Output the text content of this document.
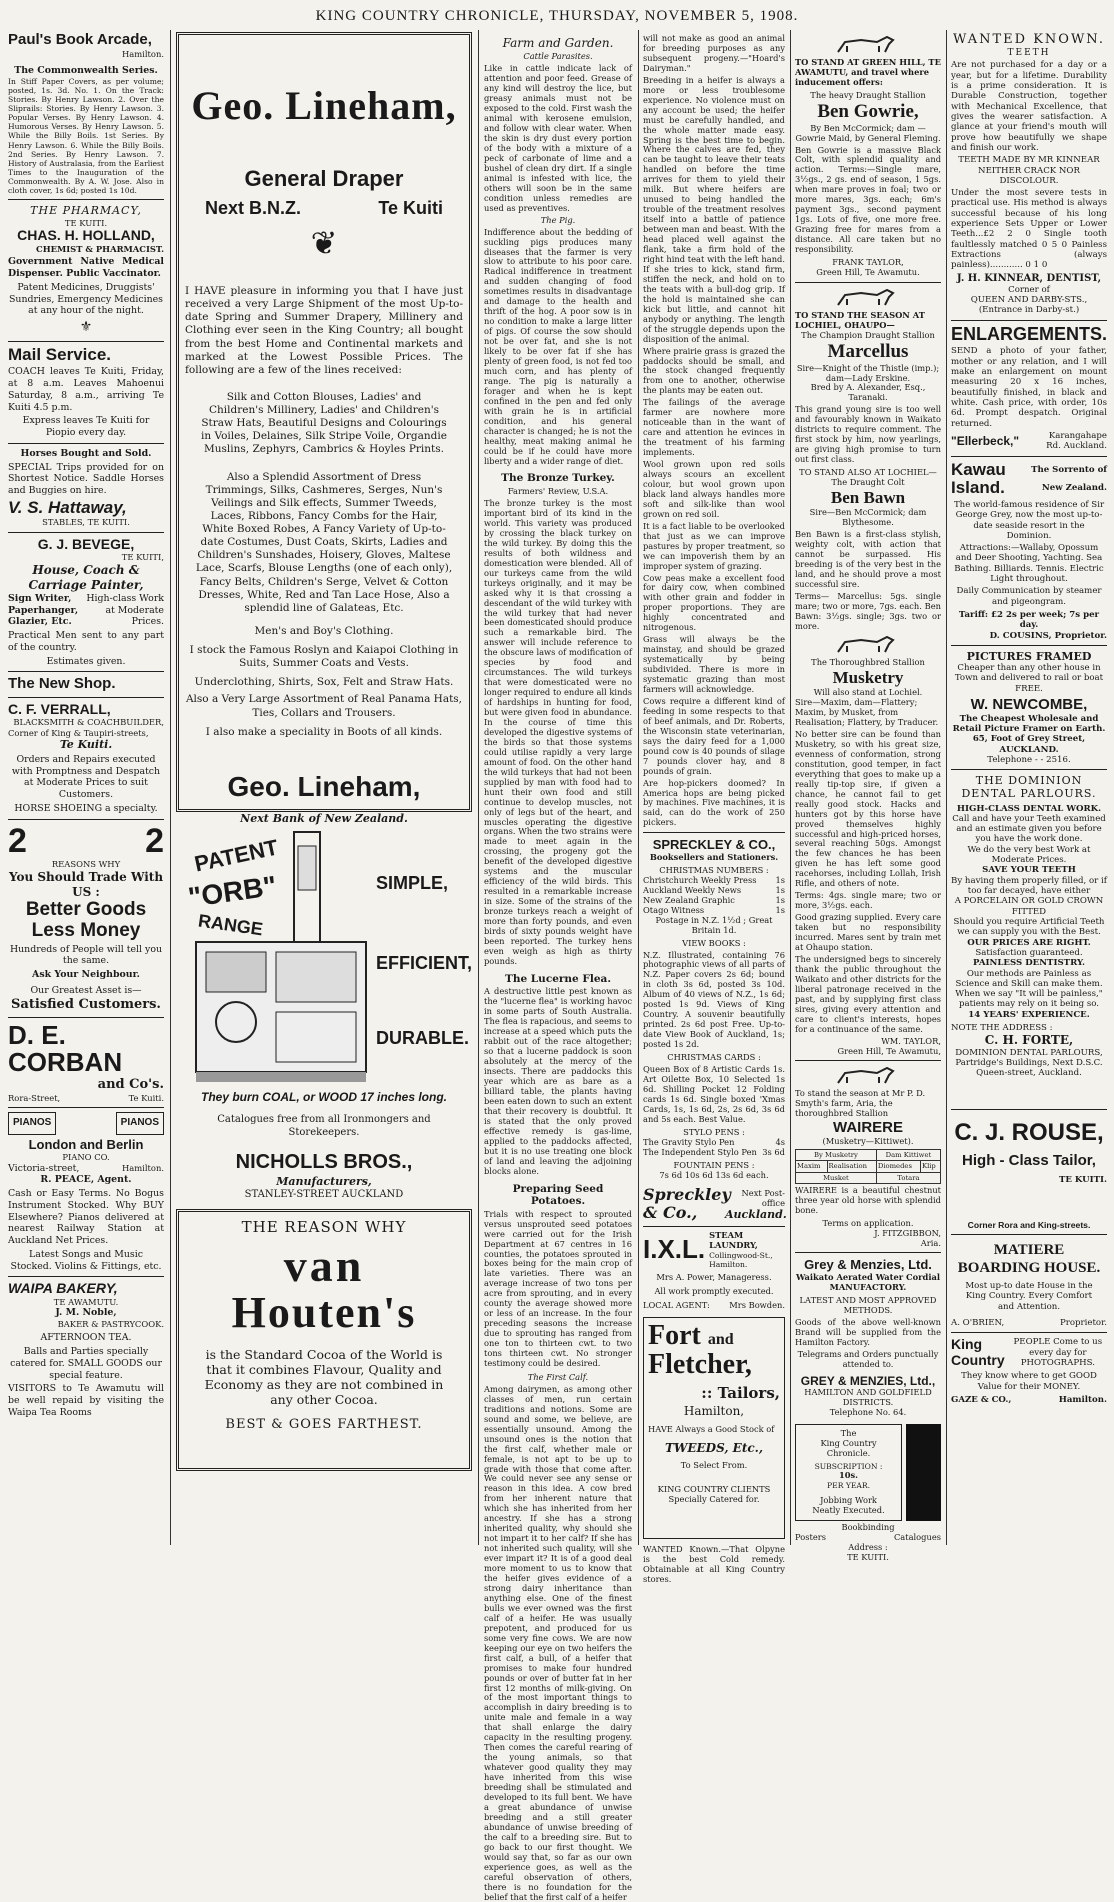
KING COUNTRY CHRONICLE, THURSDAY, NOVEMBER 5, 1908.
Paul's Book Arcade,
Hamilton.
The Commonwealth Series.
In Stiff Paper Covers, as per volume; posted, 1s. 3d. No. 1. On the Track: Stories. By Henry Lawson. 2. Over the Sliprails: Stories. By Henry Lawson. 3. Popular Verses. By Henry Lawson. 4. Humorous Verses. By Henry Lawson. 5. While the Billy Boils. 1st Series. By Henry Lawson. 6. While the Billy Boils. 2nd Series. By Henry Lawson. 7. History of Australasia, from the Earliest Times to the Inauguration of the Commonwealth. By A. W. Jose. Also in cloth cover, 1s 6d; posted 1s 10d.
THE PHARMACY,
TE KUITI.
CHAS. H. HOLLAND,
CHEMIST & PHARMACIST.

Government Native Medical Dispenser. Public Vaccinator.

Patent Medicines, Druggists' Sundries, Emergency Medicines at any hour of the night.

⚜
Mail Service.

COACH leaves Te Kuiti, Friday, at 8 a.m. Leaves Mahoenui Saturday, 8 a.m., arriving Te Kuiti 4.5 p.m.

Express leaves Te Kuiti for Piopio every day.

Horses Bought and Sold.

SPECIAL Trips provided for on Shortest Notice. Saddle Horses and Buggies on hire.

V. S. Hattaway,
STABLES, TE KUITI.
G. J. BEVEGE,
TE KUITI,
House, Coach & Carriage Painter,
Sign Writer, Paperhanger, Glazier, Etc.
High-class Work at Moderate Prices.

Practical Men sent to any part of the country.

Estimates given.
The New Shop.
C. F. VERRALL,
BLACKSMITH & COACHBUILDER,
Corner of King & Taupiri-streets,
Te Kuiti.

Orders and Repairs executed with Promptness and Despatch at Moderate Prices to suit Customers.

HORSE SHOEING a specialty.
2	2
REASONS WHY
You Should Trade With US :
Better Goods
Less Money

Hundreds of People will tell you the same.

Ask Your Neighbour.
Our Greatest Asset is—
Satisfied Customers.
D. E. CORBAN
and Co's.
Rora-Street,	Te Kuiti.
PIANOS	PIANOS
London and Berlin
PIANO CO.
Victoria-street,	Hamilton.
R. PEACE, Agent.

Cash or Easy Terms. No Bogus Instrument Stocked. Why BUY Elsewhere? Pianos delivered at nearest Railway Station at Auckland Net Prices.

Latest Songs and Music Stocked. Violins & Fittings, etc.

WAIPA BAKERY,
TE AWAMUTU.
J. M. Noble,
BAKER & PASTRYCOOK.
AFTERNOON TEA.

Balls and Parties specially catered for. SMALL GOODS our special feature.

VISITORS to Te Awamutu will be well repaid by visiting the Waipa Tea Rooms

Geo. Lineham,
General Draper
Next B.N.Z.	Te Kuiti
❦

I HAVE pleasure in informing you that I have just received a very Large Shipment of the most Up-to-date Spring and Summer Drapery, Millinery and Clothing ever seen in the King Country; all bought from the best Home and Continental markets and marked at the Lowest Possible Prices. The following are a few of the lines received:

Silk and Cotton Blouses, Ladies' and Children's Millinery, Ladies' and Children's Straw Hats, Beautiful Designs and Colourings in Voiles, Delaines, Silk Stripe Voile, Organdie Muslins, Zephyrs, Cambrics & Hoyles Prints.

Also a Splendid Assortment of Dress Trimmings, Silks, Cashmeres, Serges, Nun's Veilings and Silk effects, Summer Tweeds, Laces, Ribbons, Fancy Combs for the Hair, White Boxed Robes, A Fancy Variety of Up-to-date Costumes, Dust Coats, Skirts, Ladies and Children's Sunshades, Hoisery, Gloves, Maltese Lace, Scarfs, Blouse Lengths (one of each only), Fancy Belts, Children's Serge, Velvet & Cotton Dresses, White, Red and Tan Lace Hose, Also a splendid line of Galateas, Etc.

Men's and Boy's Clothing.
I stock the Famous Roslyn and Kaiapoi Clothing in Suits, Summer Coats and Vests.
Underclothing, Shirts, Sox, Felt and Straw Hats.
Also a Very Large Assortment of Real Panama Hats, Ties, Collars and Trousers.
I also make a speciality in Boots of all kinds.
Geo. Lineham,
Next Bank of New Zealand.
PATENT
"ORB"
RANGE
SIMPLE,
EFFICIENT,
DURABLE.
They burn COAL, or WOOD 17 inches long.
Catalogues free from all Ironmongers and Storekeepers.
NICHOLLS BROS.,
Manufacturers,
STANLEY-STREET AUCKLAND
THE REASON WHY
van
Houten's

is the Standard Cocoa of the World is that it combines Flavour, Quality and Economy as they are not combined in any other Cocoa.

BEST & GOES FARTHEST.
Farm and Garden.
Cattle Parasites.

Like in cattle indicate lack of attention and poor feed. Grease of any kind will destroy the lice, but greasy animals must not be exposed to the cold. First wash the animal with kerosene emulsion, and follow with clear water. When the skin is dry dust every portion of the body with a mixture of a peck of carbonate of lime and a bushel of clean dry dirt. If a single animal is infested with lice, the others will soon be in the same condition unless remedies are used as preventives.

The Pig.

Indifference about the bedding of suckling pigs produces many diseases that the farmer is very slow to attribute to his poor care. Radical indifference in treatment and sudden changing of food sometimes results in disadvantage and damage to the health and thrift of the hog. A poor sow is in no condition to make a large litter of pigs. Of course the sow should not be over fat, and she is not likely to be over fat if she has plenty of green food, is not fed too much corn, and has plenty of range. The pig is naturally a forager and when he is kept confined in the pen and fed only with grain he is in artificial condition, and his general character is changed; he is not the healthy, meat making animal he could be if he could have more liberty and a wider range of diet.

The Bronze Turkey.
Farmers' Review, U.S.A.

The bronze turkey is the most important bird of its kind in the world. This variety was produced by crossing the black turkey on the wild turkey. By doing this the results of both wildness and domestication were blended. All of our turkeys came from the wild turkeys originally, and it may be asked why it is that crossing a descendant of the wild turkey with the wild turkey that had never been domesticated should produce such a remarkable bird. The answer will include reference to the obscure laws of modification of species by food and circumstances. The wild turkeys that were domesticated were no longer required to endure all kinds of hardships in hunting for food, but were given food in abundance. In the course of time this developed the digestive systems of the birds so that those systems could utilise rapidly a very large amount of food. On the other hand the wild turkeys that had not been supplied by man with food had to hunt their own food and still continue to develop muscles, not only of legs but of the heart, and muscles operating the digestive organs. When the two strains were made to meet again in the crossing, the progeny got the benefit of the developed digestive systems and the muscular efficiency of the wild birds. This resulted in a remarkable increase in size. Some of the strains of the bronze turkeys reach a weight of more than forty pounds, and even birds of sixty pounds weight have been reported. The turkey hens even weigh as high as thirty pounds.

The Lucerne Flea.

A destructive little pest known as the "lucerne flea" is working havoc in some parts of South Australia. The flea is rapacious, and seems to increase at a speed which puts the rabbit out of the race altogether; so that a lucerne paddock is soon absolutely at the mercy of the insects. There are paddocks this year which are as bare as a billiard table, the plants having been eaten down to such an extent that their recovery is doubtful. It is stated that the only proved effective remedy is gas-lime, applied to the paddocks affected, but it is no use treating one block of land and leaving the adjoining blocks alone.

Preparing Seed Potatoes.

Trials with respect to sprouted versus unsprouted seed potatoes were carried out for the Irish Department at 67 centres in 16 counties, the potatoes sprouted in boxes being for the main crop of late varieties. There was an average increase of two tons per acre from sprouting, and in every county the average showed more or less of an increase. In the four preceding seasons the increase due to sprouting has ranged from one ton to thirteen cwt. to two tons thirteen cwt. No stronger testimony could be desired.

The First Calf.

Among dairymen, as among other classes of men, run certain traditions and notions. Some are sound and some, we believe, are essentially unsound. Among the unsound ones is the notion that the first calf, whether male or female, is not apt to be up to grade with those that come after. We could never see any sense or reason in this idea. A cow bred from her inherent nature that which she has inherited from her ancestry. If she has a strong inherited quality, why should she not impart it to her calf? If she has not inherited such quality, will she ever impart it? It is of a good deal more moment to us to know that the heifer gives evidence of a strong dairy inheritance than anything else. One of the finest bulls we ever owned was the first calf of a heifer. He was usually prepotent, and produced for us some very fine cows. We are now keeping our eye on two heifers the first calf, a bull, of a heifer that promises to make four hundred pounds or over of butter fat in her first 12 months of milk-giving. On of the most important things to accomplish in dairy breeding is to unite male and female in a way that shall enlarge the dairy capacity in the resulting progeny. Then comes the careful rearing of the young animals, so that whatever good quality they may have inherited from this wise breeding shall be stimulated and developed to its full bent. We have a great abundance of unwise breeding and a still greater abundance of unwise breeding of the calf to a breeding sire. But to go back to our first thought. We would say that, so far as our own experience goes, as well as the careful observation of others, there is no foundation for the belief that the first calf of a heifer

will not make as good an animal for breeding purposes as any subsequent progeny.—"Hoard's Dairyman."

Breeding in a heifer is always a more or less troublesome experience. No violence must on any account be used; the heifer must be carefully handled, and the whole matter made easy. Spring is the best time to begin. Where the calves are fed, they can be taught to leave their teats handled on before the time arrives for them to yield their milk. But where heifers are unused to being handled the trouble of the treatment resolves itself into a battle of patience between man and beast. With the head placed well against the flank, take a firm hold of the right hind teat with the left hand. If she tries to kick, stand firm, stiffen the neck, and hold on to the teats with a bull-dog grip. If the hold is maintained she can kick but little, and cannot hit anybody or anything. The length of the struggle depends upon the disposition of the animal.

Where prairie grass is grazed the paddocks should be small, and the stock changed frequently from one to another, otherwise the plants may be eaten out.

The failings of the average farmer are nowhere more noticeable than in the want of care and attention he evinces in the treatment of his farming implements.

Wool grown upon red soils always scours an excellent colour, but wool grown upon black land always handles more soft and silk-like than wool grown on red soil.

It is a fact liable to be overlooked that just as we can improve pastures by proper treatment, so we can impoverish them by an improper system of grazing.

Cow peas make a excellent food for dairy cow, when combined with other grain and fodder in proper proportions. They are highly concentrated and nitrogenous.

Grass will always be the mainstay, and should be grazed systematically by being subdivided. There is more in systematic grazing than most farmers will acknowledge.

Cows require a different kind of feeding in some respects to that of beef animals, and Dr. Roberts, the Wisconsin state veterinarian, says the dairy feed for a 1,000 pound cow is 40 pounds of silage 7 pounds clover hay, and 8 pounds of grain.

Are hop-pickers doomed? In America hops are being picked by machines. Five machines, it is said, can do the work of 250 pickers.

SPRECKLEY & CO.,
Booksellers and Stationers.
CHRISTMAS NUMBERS :
Christchurch Weekly Press 1s
Auckland Weekly News	1s
New Zealand Graphic	1s
Otago Witness	1s
Postage in N.Z. 1½d ; Great Britain 1d.
VIEW BOOKS :

N.Z. Illustrated, containing 76 photographic views of all parts of N.Z. Paper covers 2s 6d; bound in cloth 3s 6d, posted 3s 10d. Album of 40 views of N.Z., 1s 6d; posted 1s 9d. Views of King Country. A souvenir beautifully printed. 2s 6d post Free. Up-to-date View Book of Auckland, 1s; posted 1s 2d.

CHRISTMAS CARDS :

Queen Box of 8 Artistic Cards 1s. Art Oilette Box, 10 Selected 1s 6d. Shilling Pocket 12 Folding cards 1s 6d. Single boxed 'Xmas Cards, 1s, 1s 6d, 2s, 2s 6d, 3s 6d and 5s each. Best Value.

STYLO PENS :
The Gravity Stylo Pen	4s
The Independent Stylo Pen 3s 6d
FOUNTAIN PENS :
7s 6d 10s 6d 13s 6d each.
Spreckley & Co.,
Next Post-office
Auckland.
I.X.L. STEAM LAUNDRY,
Collingwood-St., Hamilton.
Mrs A. Power, Manageress.
All work promptly executed.
LOCAL AGENT: Mrs Bowden.
Fort and
Fletcher,
:: Tailors,
Hamilton,
HAVE Always a Good Stock of
TWEEDS, Etc.,
To Select From.
KING COUNTRY CLIENTS
Specially Catered for.

WANTED Known.—That Olpyne is the best Cold remedy. Obtainable at all King Country stores.

TO STAND AT GREEN HILL, TE AWAMUTU, and travel where inducement offers:
The heavy Draught Stallion
Ben Gowrie,
By Ben McCormick; dam — Gowrie Maid, by General Fleming.

Ben Gowrie is a massive Black Colt, with splendid quality and action. Terms:—Single mare, 3½gs., 2 gs. end of season, 1 5gs. when mare proves in foal; two or more mares, 3gs. each; 6m's payment 3gs., second payment 1gs. Lots of five, one more free. Grazing free for mares from a distance. All care taken but no responsibility.

FRANK TAYLOR,
Green Hill, Te Awamutu.
TO STAND THE SEASON AT LOCHIEL, OHAUPO—
The Champion Draught Stallion
Marcellus
Sire—Knight of the Thistle (imp.); dam—Lady Erskine.
Bred by A. Alexander, Esq., Taranaki.

This grand young sire is too well and favourably known in Waikato districts to require comment. The first stock by him, now yearlings, are giving high promise to turn out first class.

TO STAND ALSO AT LOCHIEL—
The Draught Colt
Ben Bawn
Sire—Ben McCormick; dam Blythesome.

Ben Bawn is a first-class stylish, weighty colt, with action that cannot be surpassed. His breeding is of the very best in the land, and he should prove a most successful sire.

Terms— Marcellus: 5gs. single mare; two or more, 7gs. each. Ben Bawn: 3½gs. single; 3gs. two or more.

The Thoroughbred Stallion
Musketry
Will also stand at Lochiel.
Sire—Maxim, dam—Flattery; Maxim, by Musket, from Realisation; Flattery, by Traducer.

No better sire can be found than Musketry, so with his great size, evenness of conformation, strong constitution, good temper, in fact everything that goes to make up a really tip-top sire, if given a chance, he cannot fail to get really good stock. Hacks and hunters got by this horse have proved themselves highly successful and high-priced horses, several reaching 50gs. Amongst the few chances he has been given he has left some good racehorses, including Lollah, Irish Rifle, and others of note.

Terms: 4gs. single mare; two or more, 3½gs. each.

Good grazing supplied. Every care taken but no responsibility incurred. Mares sent by train met at Ohaupo station.

The undersigned begs to sincerely thank the public throughout the Waikato and other districts for the liberal patronage received in the past, and by supplying first class sires, giving every attention and care to client's interests, hopes for a continuance of the same.

WM. TAYLOR,
Green Hill, Te Awamutu,
To stand the season at Mr P. D. Smyth's farm, Aria, the thoroughbred Stallion
WAIRERE
(Musketry—Kittiwet).
By Musketry		Dam Kittiwet	
Maxim	Realisation	Diomedes	Klip
Musket		Totara	

WAIRERE is a beautiful chestnut three year old horse with splendid bone.

Terms on application.
J. FITZGIBBON,
Aria.
Grey & Menzies, Ltd.
Waikato Aerated Water Cordial MANUFACTORY.
LATEST AND MOST APPROVED METHODS.

Goods of the above well-known Brand will be supplied from the Hamilton Factory.

Telegrams and Orders punctually attended to.
GREY & MENZIES, Ltd.,
HAMILTON AND GOLDFIELD DISTRICTS.
Telephone No. 64.
The
King Country
Chronicle.
SUBSCRIPTION :
10s.
PER YEAR.
Jobbing Work
Neatly Executed.
Bookbinding
Posters	Catalogues
Address :
TE KUITI.
WANTED KNOWN.
TEETH

Are not purchased for a day or a year, but for a lifetime. Durability is a prime consideration. It is Durable Construction, together with Mechanical Excellence, that gives the wearer satisfaction. A glance at your friend's mouth will prove how beautifully we shape and finish our work.

TEETH MADE BY MR KINNEAR NEITHER CRACK NOR DISCOLOUR.

Under the most severe tests in practical use. His method is always successful because of his long experience Sets Upper or Lower Teeth...£2 2 0 Single tooth faultlessly matched 0 5 0 Painless Extractions (always painless)............ 0 1 0

J. H. KINNEAR, DENTIST,
Corner of
QUEEN AND DARBY-STS.,
(Entrance in Darby-st.)
ENLARGEMENTS.

SEND a photo of your father, mother or any relation, and I will make an enlargement on mount measuring 20 x 16 inches, beautifully finished, in black and white. Cash price, with order, 10s 6d. Prompt despatch. Original returned.

"Ellerbeck,"	Karangahape Rd. Auckland.
Kawau	The Sorrento of
Island.	New Zealand.

The world-famous residence of Sir George Grey, now the most up-to-date seaside resort in the Dominion.

Attractions:—Wallaby, Opossum and Deer Shooting, Yachting. Sea Bathing. Billiards. Tennis. Electric Light throughout.

Daily Communication by steamer and pigeongram.
Tariff: £2 2s per week; 7s per day.
D. COUSINS, Proprietor.
PICTURES FRAMED
Cheaper than any other house in Town and delivered to rail or boat FREE.
W. NEWCOMBE,
The Cheapest Wholesale and Retail Picture Framer on Earth.
65, Foot of Grey Street, AUCKLAND.
Telephone - - 2516.
THE DOMINION DENTAL PARLOURS.
HIGH-CLASS DENTAL WORK.
Call and have your Teeth examined and an estimate given you before you have the work done.
We do the very best Work at Moderate Prices.
SAVE YOUR TEETH
By having them properly filled, or if too far decayed, have either
A PORCELAIN OR GOLD CROWN FITTED
Should you require Artificial Teeth we can supply you with the Best.
OUR PRICES ARE RIGHT.
Satisfaction guaranteed.
PAINLESS DENTISTRY.
Our methods are Painless as Science and Skill can make them. When we say "It will be painless," patients may rely on it being so.
14 YEARS' EXPERIENCE.
NOTE THE ADDRESS :
C. H. FORTE,
DOMINION DENTAL PARLOURS,
Partridge's Buildings, Next D.S.C.
Queen-street, Auckland.
C. J. ROUSE,
High - Class Tailor,
TE KUITI.
Corner Rora and King-streets.
MATIERE
BOARDING HOUSE.

Most up-to date House in the King Country. Every Comfort and Attention.

A. O'BRIEN,	Proprietor.
King
Country
PEOPLE Come to us every day for PHOTOGRAPHS.
They know where to get GOOD Value for their MONEY.
GAZE & CO.,	Hamilton.
